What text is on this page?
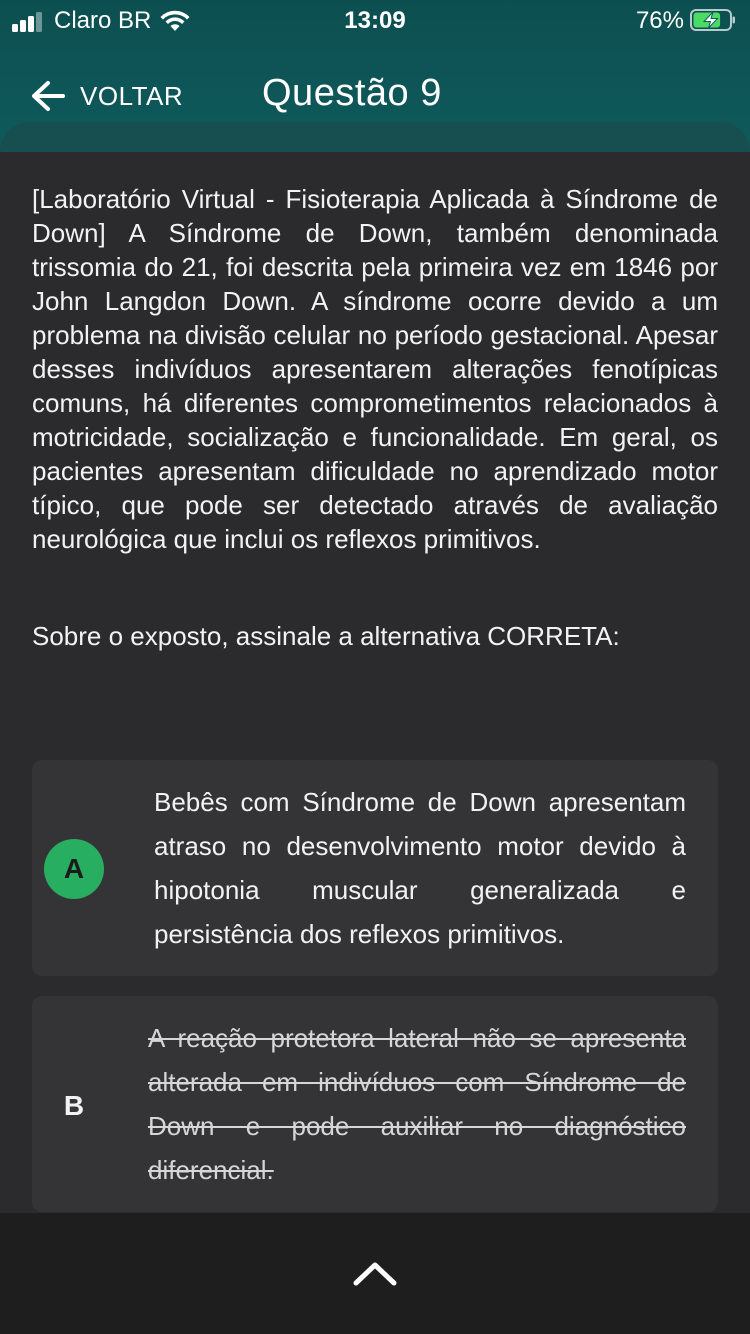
Claro BR	13:09	76%
VOLTAR Questão 9
[Laboratório Virtual - Fisioterapia Aplicada à Síndrome de Down] A Síndrome de Down, também denominada trissomia do 21, foi descrita pela primeira vez em 1846 por John Langdon Down. A síndrome ocorre devido a um problema na divisão celular no período gestacional. Apesar desses indivíduos apresentarem alterações fenotípicas comuns, há diferentes comprometimentos relacionados à motricidade, socialização e funcionalidade. Em geral, os pacientes apresentam dificuldade no aprendizado motor típico, que pode ser detectado através de avaliação neurológica que inclui os reflexos primitivos.
Sobre o exposto, assinale a alternativa CORRETA:
A
Bebês com Síndrome de Down apresentam atraso no desenvolvimento motor devido à hipotonia muscular generalizada e persistência dos reflexos primitivos.
B
A reação protetora lateral não se apresenta alterada em indivíduos com Síndrome de Down e pode auxiliar no diagnóstico diferencial.
